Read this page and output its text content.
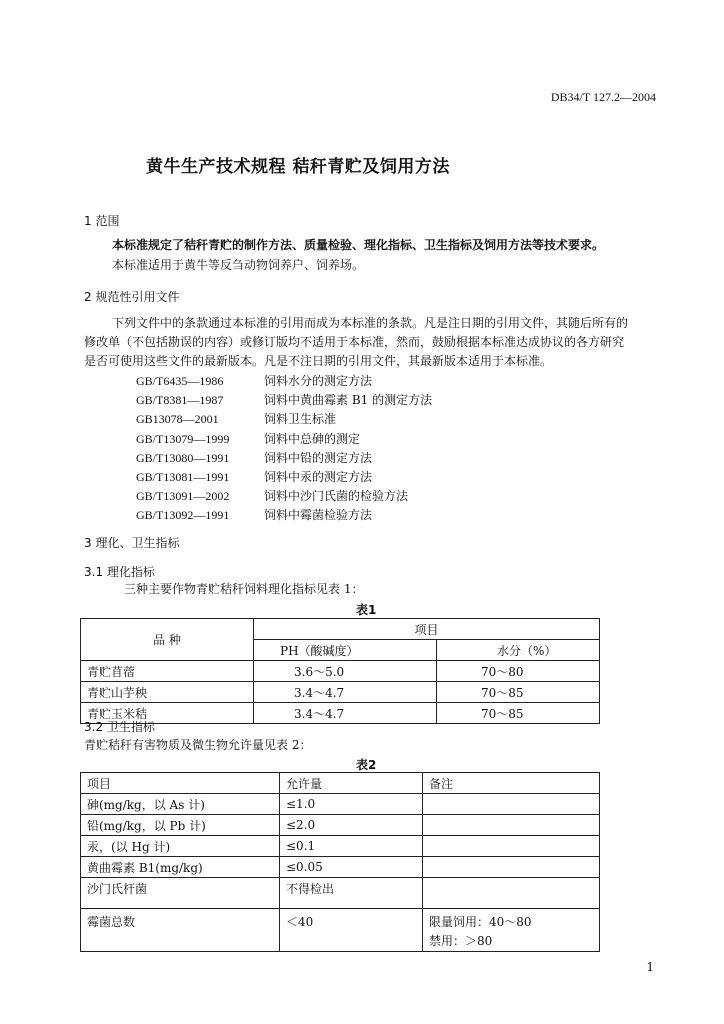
DB34/T 127.2—2004
黄牛生产技术规程 秸秆青贮及饲用方法
1 范围
本标准规定了秸秆青贮的制作方法、质量检验、理化指标、卫生指标及饲用方法等技术要求。
本标准适用于黄牛等反刍动物饲养户、饲养场。
2 规范性引用文件
下列文件中的条款通过本标准的引用而成为本标准的条款。凡是注日期的引用文件，其随后所有的
修改单（不包括勘误的内容）或修订版均不适用于本标准，然而，鼓励根据本标准达成协议的各方研究
是否可使用这些文件的最新版本。凡是不注日期的引用文件，其最新版本适用于本标准。
GB/T6435—1986	饲料水分的测定方法
GB/T8381—1987	饲料中黄曲霉素 B1 的测定方法
GB13078—2001	饲料卫生标准
GB/T13079—1999	饲料中总砷的测定
GB/T13080—1991	饲料中铅的测定方法
GB/T13081—1991	饲料中汞的测定方法
GB/T13091—2002	饲料中沙门氏菌的检验方法
GB/T13092—1991	饲料中霉菌检验方法
3 理化、卫生指标
3.1 理化指标
三种主要作物青贮秸秆饲料理化指标见表 1：
表1
品 种	项目	
	PH（酸碱度）	水分（%）
青贮苜蓿	3.6～5.0	70～80
青贮山芋秧	3.4～4.7	70～85
青贮玉米秸	3.4～4.7	70～85
3.2 卫生指标
青贮秸秆有害物质及微生物允许量见表 2：
表2
项目	允许量	备注
砷(mg/kg，以 As 计)	≤1.0	
铅(mg/kg，以 Pb 计)	≤2.0	
汞，(以 Hg 计)	≤0.1	
黄曲霉素 B1(mg/kg)	≤0.05	
沙门氏杆菌	不得检出	
霉菌总数	＜40	限量饲用：40～80
禁用：＞80
1
